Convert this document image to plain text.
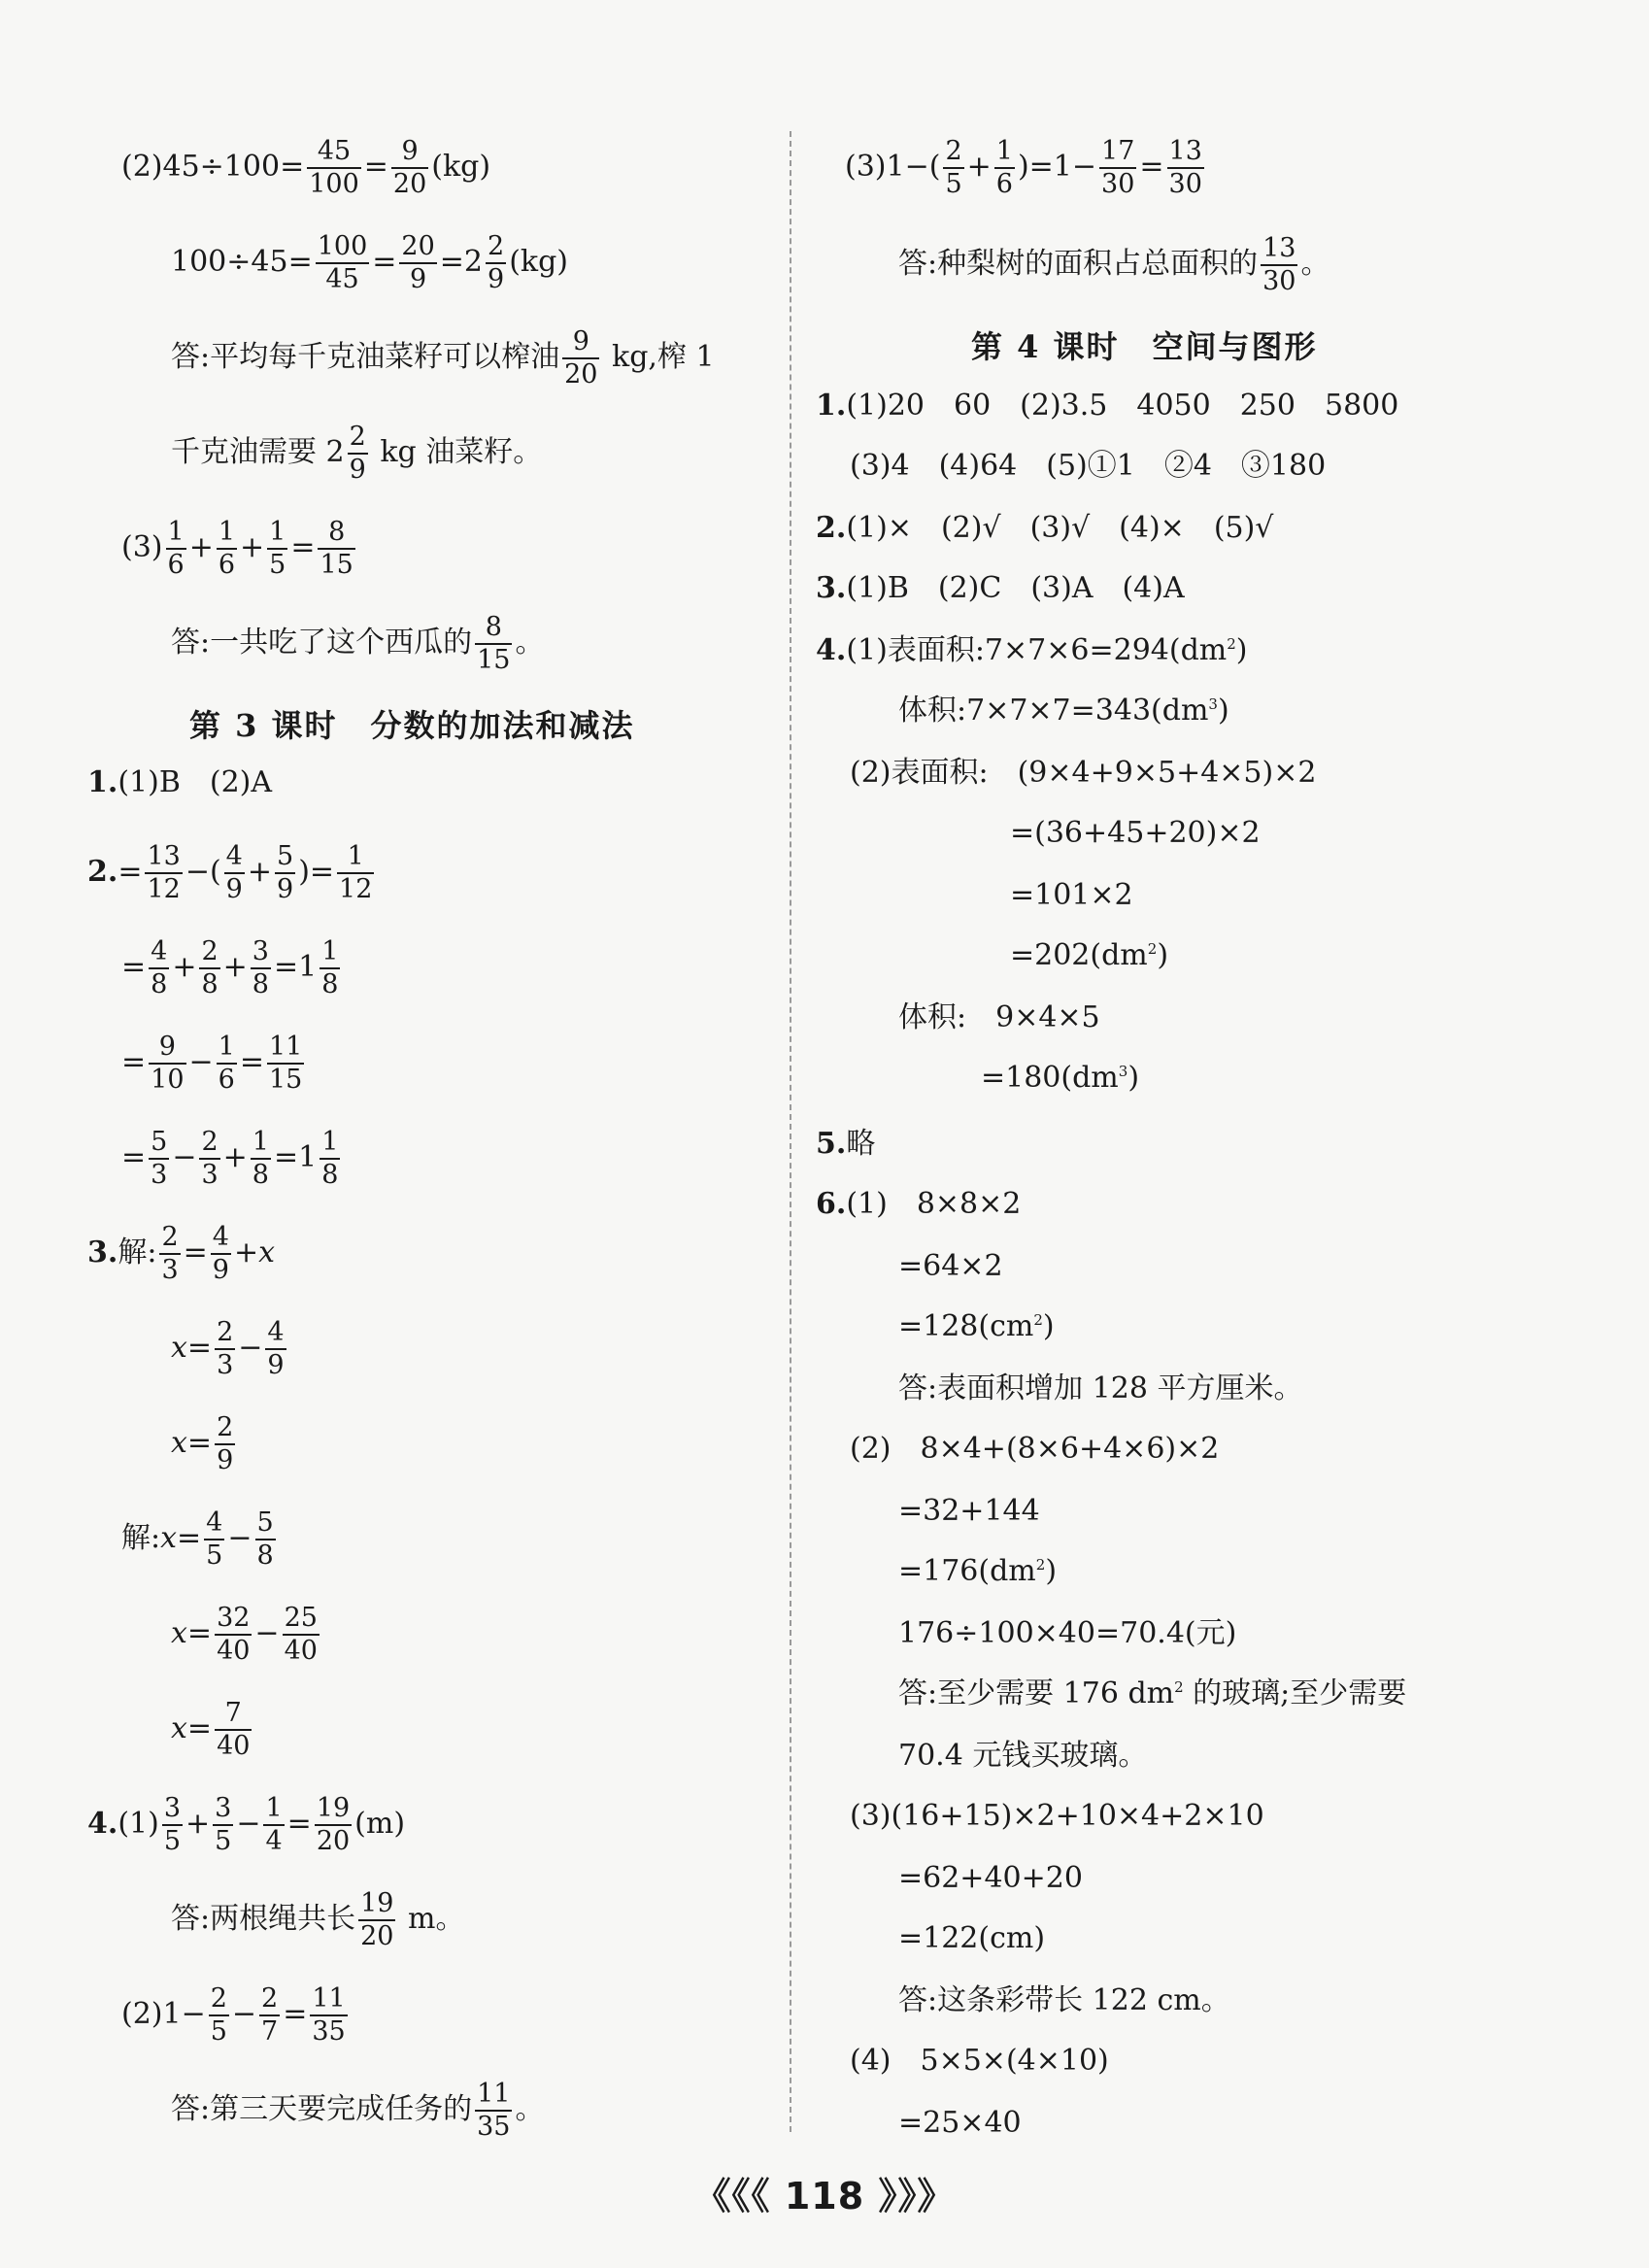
$(2)45\div 100= \frac{45}{100} = \frac{9}{20} (kg)$
$100\div 45= \frac{100}{45} = \frac{20}{9} =2 \frac{2}{9} (kg)$
答:平均每千克油菜籽可以榨油 $\frac{9}{20}$ kg,榨 1
千克油需要 $2 \frac{2}{9}$ kg 油菜籽。
$(3) \frac{1}{6} + \frac{1}{6} + \frac{1}{5} = \frac{8}{15}$
答:一共吃了这个西瓜的 $\frac{8}{15}$ 。
第 3 课时　分数的加法和减法
1.(1)B　(2)A
$2.= \frac{13}{12}$ −( $\frac{4}{9} + \frac{5}{9}$ )= $\frac{1}{12}$
= $\frac{4}{8} + \frac{2}{8} + \frac{3}{8} =1 \frac{1}{8}$
= $\frac{9}{10} - \frac{1}{6} = \frac{11}{15}$
= $\frac{5}{3} - \frac{2}{3} + \frac{1}{8} =1 \frac{1}{8}$
3.解: $\frac{2}{3} = \frac{4}{9} +x$
$x= \frac{2}{3} - \frac{4}{9}$
$x= \frac{2}{9}$
解:x= $\frac{4}{5} - \frac{5}{8}$
$x= \frac{32}{40} - \frac{25}{40}$
$x= \frac{7}{40}$
$4.(1) \frac{3}{5} + \frac{3}{5} - \frac{1}{4} = \frac{19}{20} (m)$
答:两根绳共长 $\frac{19}{20}$ m。
$(2)1- \frac{2}{5} - \frac{2}{7} = \frac{11}{35}$
答:第三天要完成任务的 $\frac{11}{35}$ 。
$(3)1-( \frac{2}{5} + \frac{1}{6} )=1- \frac{17}{30} = \frac{13}{30}$
答:种梨树的面积占总面积的 $\frac{13}{30}$ 。
第 4 课时　空间与图形
1.(1)20　60　(2)3.5　4050　250　5800
(3)4　(4)64　(5)①1　②4　③180
2.(1)×　(2)√　(3)√　(4)×　(5)√
3.(1)B　(2)C　(3)A　(4)A
4.(1)表面积$:7\times 7\times 6=294(dm^2)$
体积$:7\times 7\times 7=343(dm^3)$
(2)表面积:　(9×4+9×5+4×5)×2
=(36+45+20)×2
=101×2
$=202(dm^2)$
体积:　9×4×5
$=180(dm^3)$
5.略
6.(1)　8×8×2
=64×2
$=128(cm^2)$
答:表面积增加 128 平方厘米。
(2)　8×4+(8×6+4×6)×2
=32+144
$=176(dm^2)$
176÷100×40=70.4(元)
答:至少需要 176 $dm^2$ 的玻璃;至少需要
70.4 元钱买玻璃。
(3)(16+15)×2+10×4+2×10
=62+40+20
=122(cm)
答:这条彩带长 122 cm。
(4)　5×5×(4×10)
=25×40
《《《 118 》》》
